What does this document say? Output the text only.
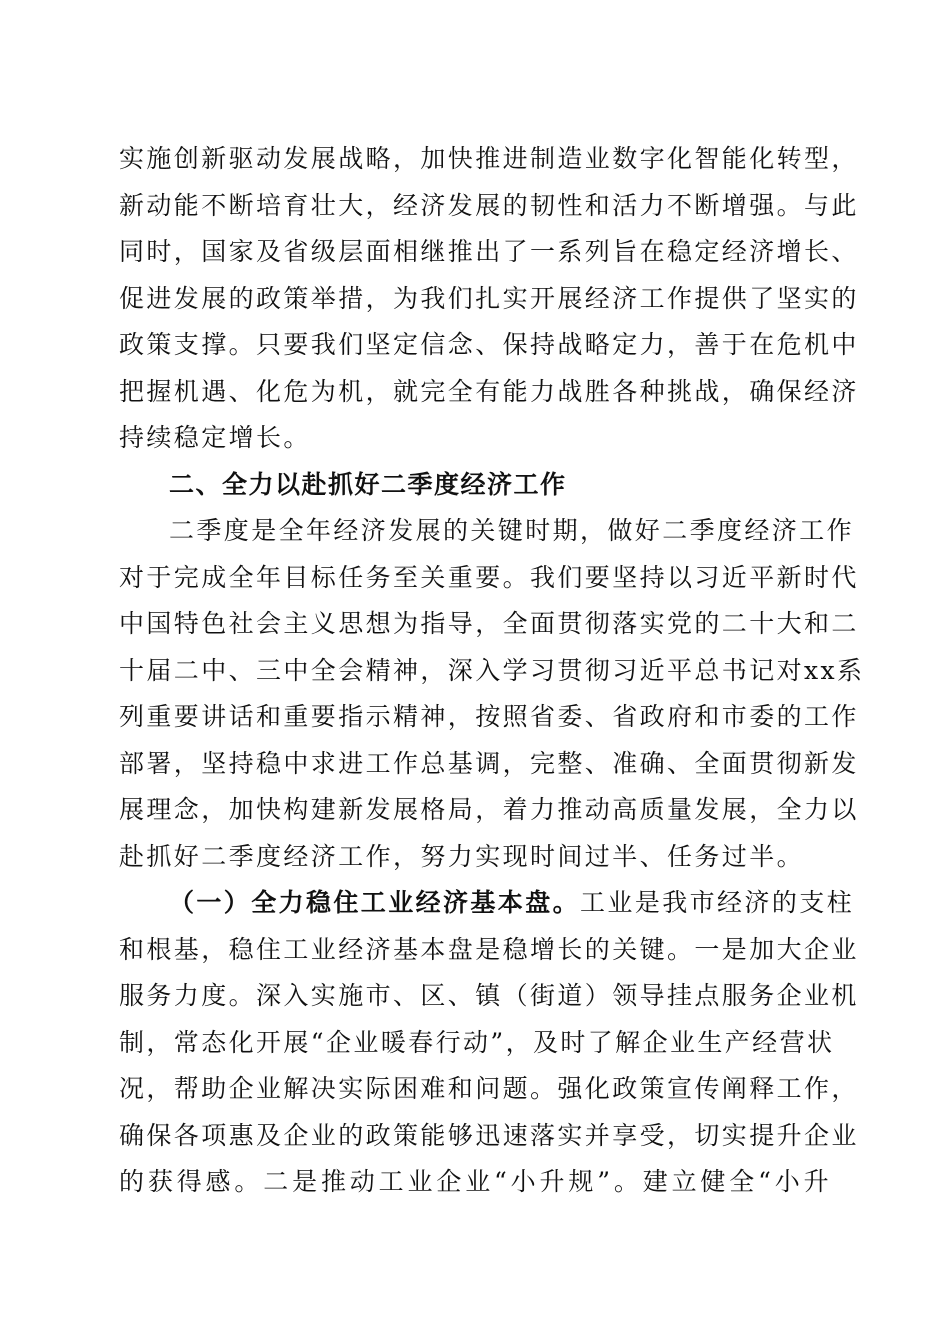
实施创新驱动发展战略，加快推进制造业数字化智能化转型，
新动能不断培育壮大，经济发展的韧性和活力不断增强。与此
同时，国家及省级层面相继推出了一系列旨在稳定经济增长、
促进发展的政策举措，为我们扎实开展经济工作提供了坚实的
政策支撑。只要我们坚定信念、保持战略定力，善于在危机中
把握机遇、化危为机，就完全有能力战胜各种挑战，确保经济
持续稳定增长。
二、全力以赴抓好二季度经济工作
二季度是全年经济发展的关键时期，做好二季度经济工作
对于完成全年目标任务至关重要。我们要坚持以习近平新时代
中国特色社会主义思想为指导，全面贯彻落实党的二十大和二
十届二中、三中全会精神，深入学习贯彻习近平总书记对xx系
列重要讲话和重要指示精神，按照省委、省政府和市委的工作
部署，坚持稳中求进工作总基调，完整、准确、全面贯彻新发
展理念，加快构建新发展格局，着力推动高质量发展，全力以
赴抓好二季度经济工作，努力实现时间过半、任务过半。
（一）全力稳住工业经济基本盘。工业是我市经济的支柱
和根基，稳住工业经济基本盘是稳增长的关键。一是加大企业
服务力度。深入实施市、区、镇（街道）领导挂点服务企业机
制，常态化开展“企业暖春行动”，及时了解企业生产经营状
况，帮助企业解决实际困难和问题。强化政策宣传阐释工作，
确保各项惠及企业的政策能够迅速落实并享受，切实提升企业
的获得感。二是推动工业企业“小升规”。建立健全“小升
